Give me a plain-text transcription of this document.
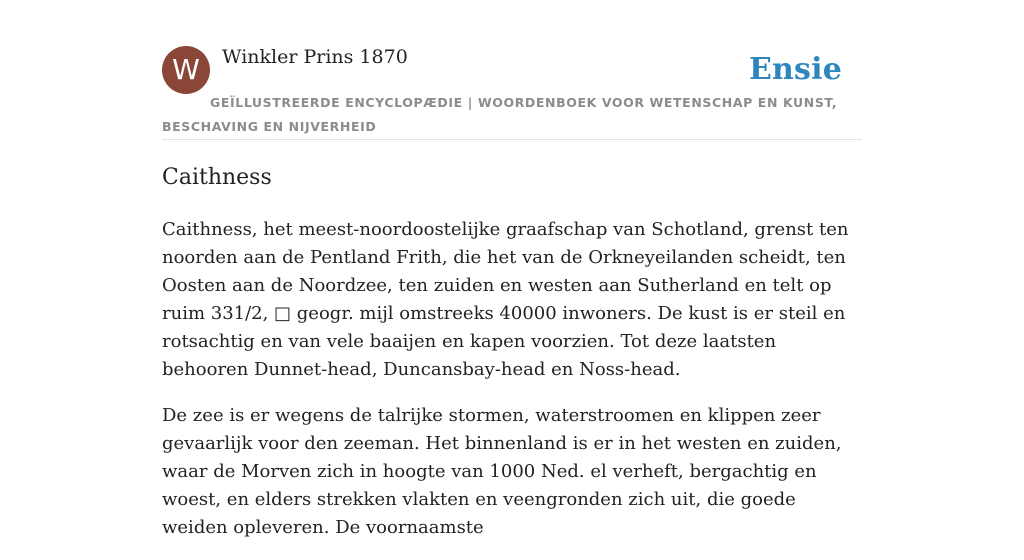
W	Winkler Prins 1870	Ensie
GEÏLLUSTREERDE ENCYCLOPÆDIE | WOORDENBOEK VOOR WETENSCHAP EN KUNST, BESCHAVING EN NIJVERHEID
Caithness

Caithness, het meest-noordoostelijke graafschap van Schotland, grenst ten noorden aan de Pentland Frith, die het van de Orkneyeilanden scheidt, ten Oosten aan de Noordzee, ten zuiden en westen aan Sutherland en telt op ruim 331/2, □ geogr. mijl omstreeks 40000 inwoners. De kust is er steil en rotsachtig en van vele baaijen en kapen voorzien. Tot deze laatsten behooren Dunnet-head, Duncansbay-head en Noss-head.

De zee is er wegens de talrijke stormen, waterstroomen en klippen zeer gevaarlijk voor den zeeman. Het binnenland is er in het westen en zuiden, waar de Morven zich in hoogte van 1000 Ned. el verheft, bergachtig en woest, en elders strekken vlakten en veengronden zich uit, die goede weiden opleveren. De voornaamste
